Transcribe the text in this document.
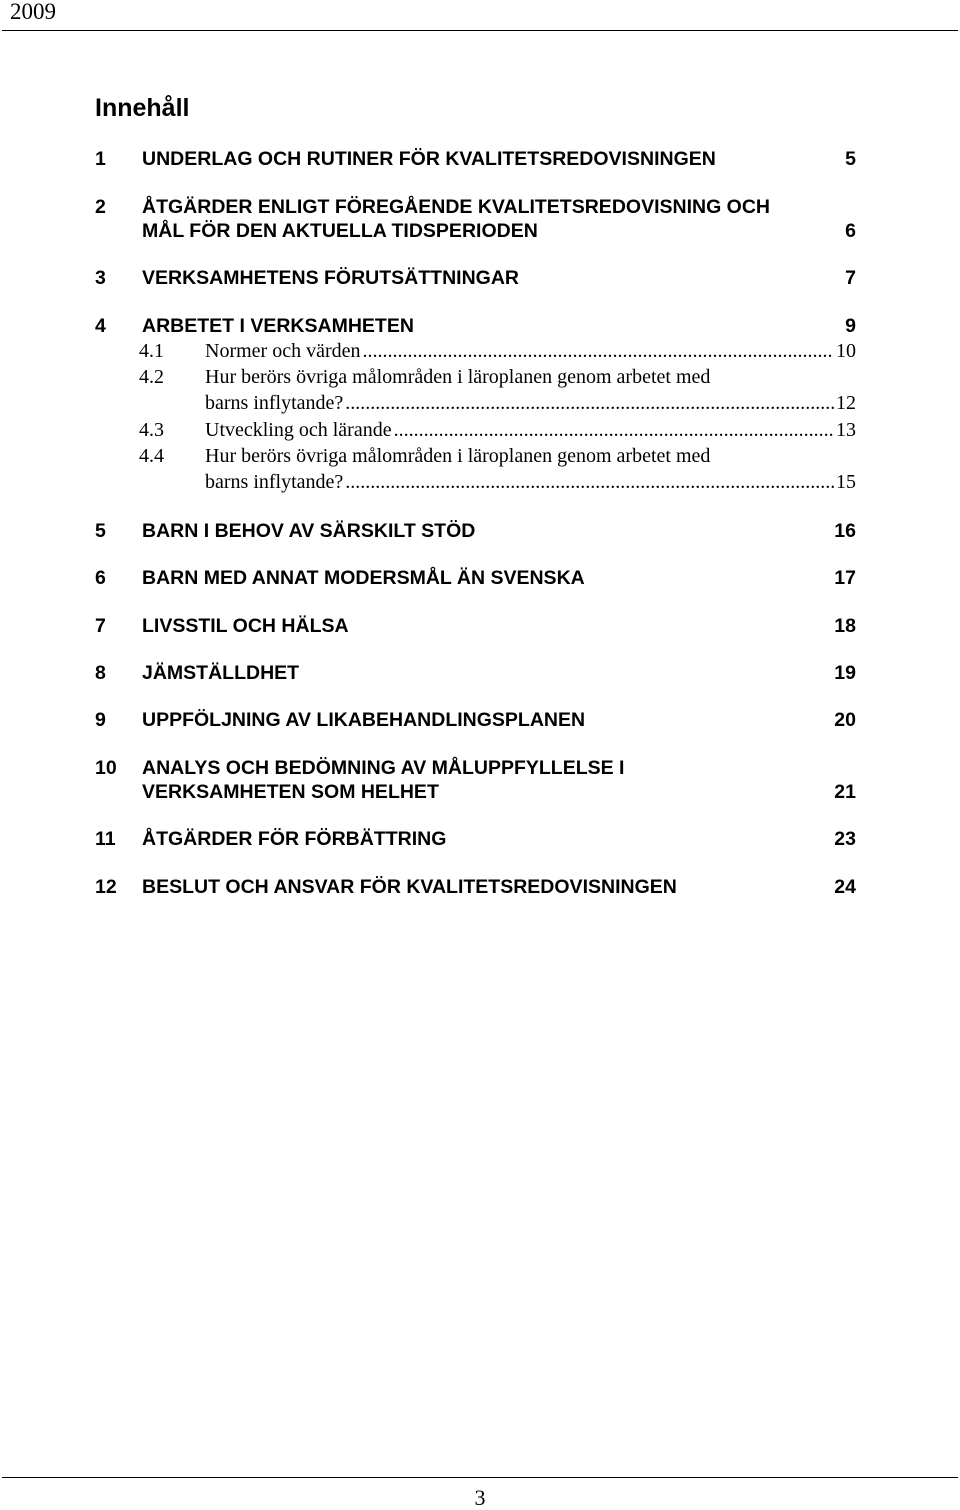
2009
Innehåll
1 UNDERLAG OCH RUTINER FÖR KVALITETSREDOVISNINGEN	5
2 ÅTGÄRDER ENLIGT FÖREGÅENDE KVALITETSREDOVISNING OCH
MÅL FÖR DEN AKTUELLA TIDSPERIODEN	6
3 VERKSAMHETENS FÖRUTSÄTTNINGAR	7
4 ARBETET I VERKSAMHETEN	9
4.1 Normer och värden .....	10
4.2 Hur berörs övriga målområden i läroplanen genom arbetet med
barns inflytande? .....	12
4.3 Utveckling och lärande .....	13
4.4 Hur berörs övriga målområden i läroplanen genom arbetet med
barns inflytande? .....	15
5 BARN I BEHOV AV SÄRSKILT STÖD	16
6 BARN MED ANNAT MODERSMÅL ÄN SVENSKA	17
7 LIVSSTIL OCH HÄLSA	18
8 JÄMSTÄLLDHET	19
9 UPPFÖLJNING AV LIKABEHANDLINGSPLANEN	20
10 ANALYS OCH BEDÖMNING AV MÅLUPPFYLLELSE I
VERKSAMHETEN SOM HELHET	21
11 ÅTGÄRDER FÖR FÖRBÄTTRING	23
12 BESLUT OCH ANSVAR FÖR KVALITETSREDOVISNINGEN	24
3
